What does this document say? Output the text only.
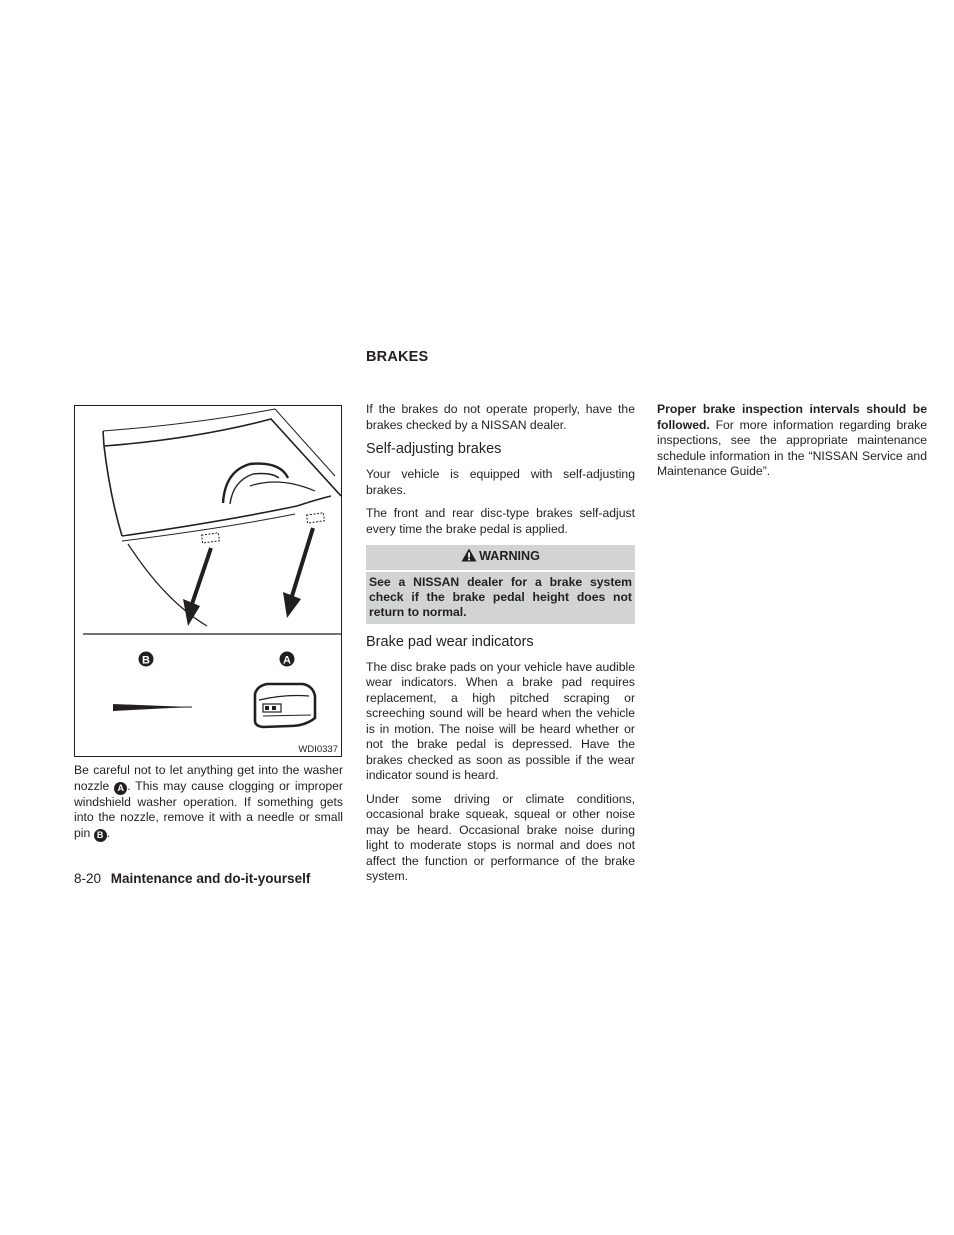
BRAKES
B	A
WDI0337

Be careful not to let anything get into the washer nozzle A . This may cause clogging or improper windshield washer operation. If something gets into the nozzle, remove it with a needle or small pin B .

If the brakes do not operate properly, have the brakes checked by a NISSAN dealer.

Self-adjusting brakes

Your vehicle is equipped with self-adjusting brakes.

The front and rear disc-type brakes self-adjust every time the brake pedal is applied.

WARNING
See a NISSAN dealer for a brake system check if the brake pedal height does not return to normal.
Brake pad wear indicators

The disc brake pads on your vehicle have audible wear indicators. When a brake pad requires replacement, a high pitched scraping or screeching sound will be heard when the vehicle is in motion. The noise will be heard whether or not the brake pedal is depressed. Have the brakes checked as soon as possible if the wear indicator sound is heard.

Under some driving or climate conditions, occasional brake squeak, squeal or other noise may be heard. Occasional brake noise during light to moderate stops is normal and does not affect the function or performance of the brake system.

Proper brake inspection intervals should be followed. For more information regarding brake inspections, see the appropriate maintenance schedule information in the “NISSAN Service and Maintenance Guide”.

8-20 Maintenance and do-it-yourself
